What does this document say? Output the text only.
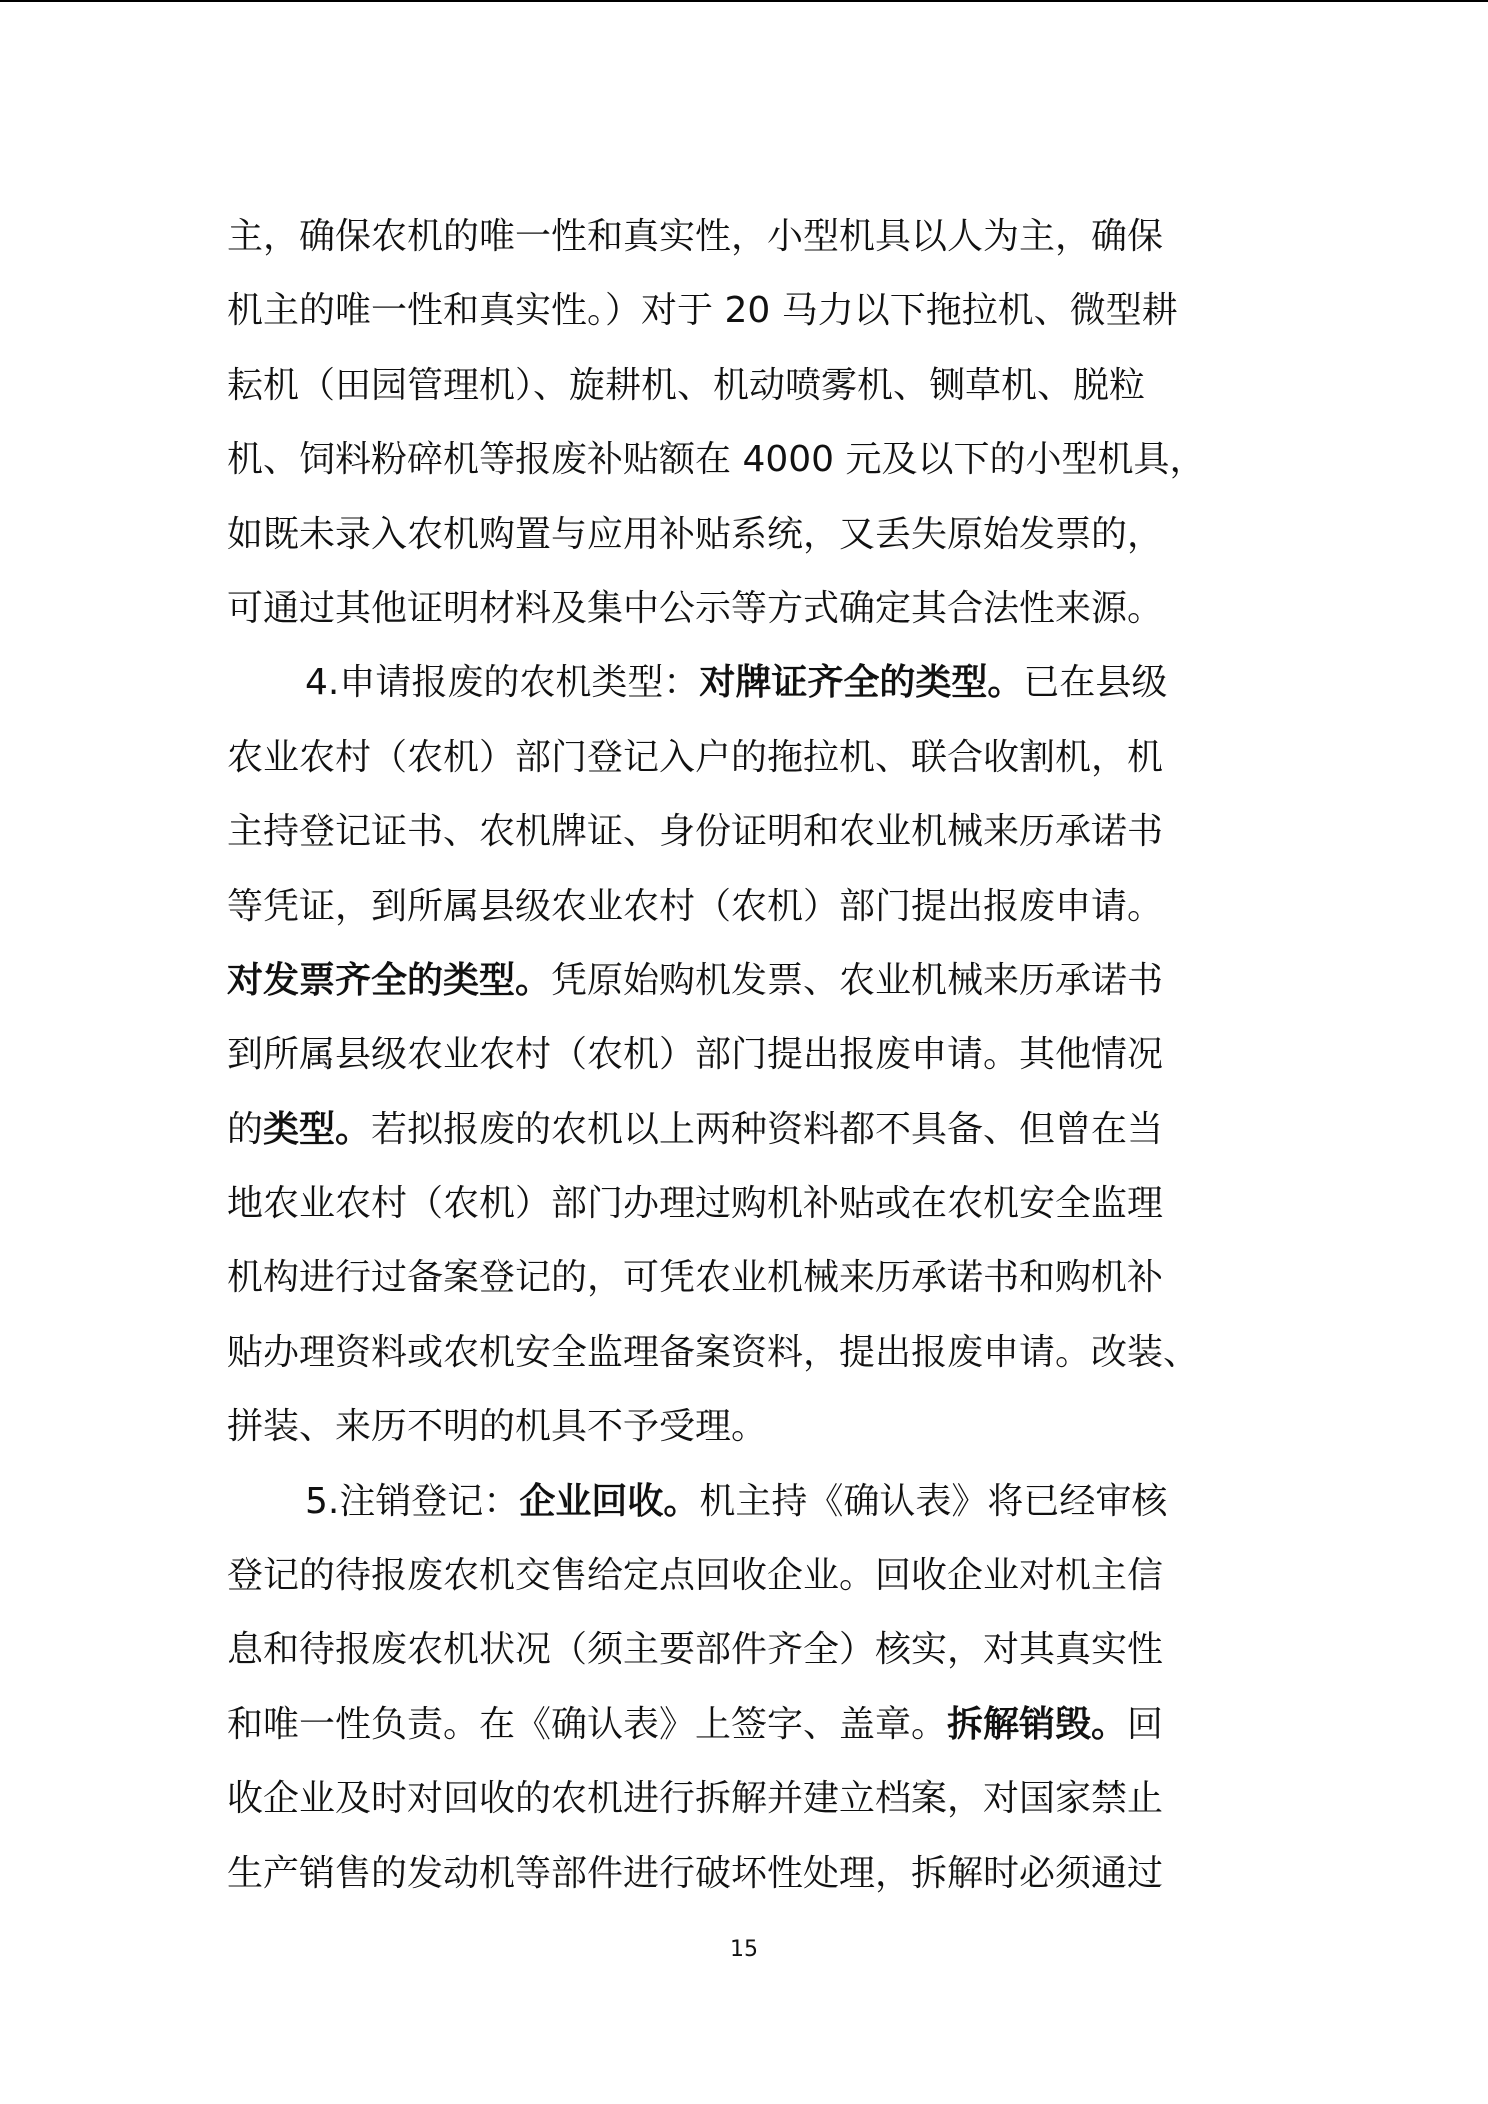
主，确保农机的唯一性和真实性，小型机具以人为主，确保
机主的唯一性和真实性。）对于 20 马力以下拖拉机、微型耕
耘机（田园管理机）、旋耕机、机动喷雾机、铡草机、脱粒
机、饲料粉碎机等报废补贴额在 4000 元及以下的小型机具，
如既未录入农机购置与应用补贴系统，又丢失原始发票的，
可通过其他证明材料及集中公示等方式确定其合法性来源。
4.申请报废的农机类型：对牌证齐全的类型。已在县级
农业农村（农机）部门登记入户的拖拉机、联合收割机，机
主持登记证书、农机牌证、身份证明和农业机械来历承诺书
等凭证，到所属县级农业农村（农机）部门提出报废申请。
对发票齐全的类型。凭原始购机发票、农业机械来历承诺书
到所属县级农业农村（农机）部门提出报废申请。其他情况
的类型。若拟报废的农机以上两种资料都不具备、但曾在当
地农业农村（农机）部门办理过购机补贴或在农机安全监理
机构进行过备案登记的，可凭农业机械来历承诺书和购机补
贴办理资料或农机安全监理备案资料，提出报废申请。改装、
拼装、来历不明的机具不予受理。
5.注销登记：企业回收。机主持《确认表》将已经审核
登记的待报废农机交售给定点回收企业。回收企业对机主信
息和待报废农机状况（须主要部件齐全）核实，对其真实性
和唯一性负责。在《确认表》上签字、盖章。拆解销毁。回
收企业及时对回收的农机进行拆解并建立档案，对国家禁止
生产销售的发动机等部件进行破坏性处理，拆解时必须通过
15
